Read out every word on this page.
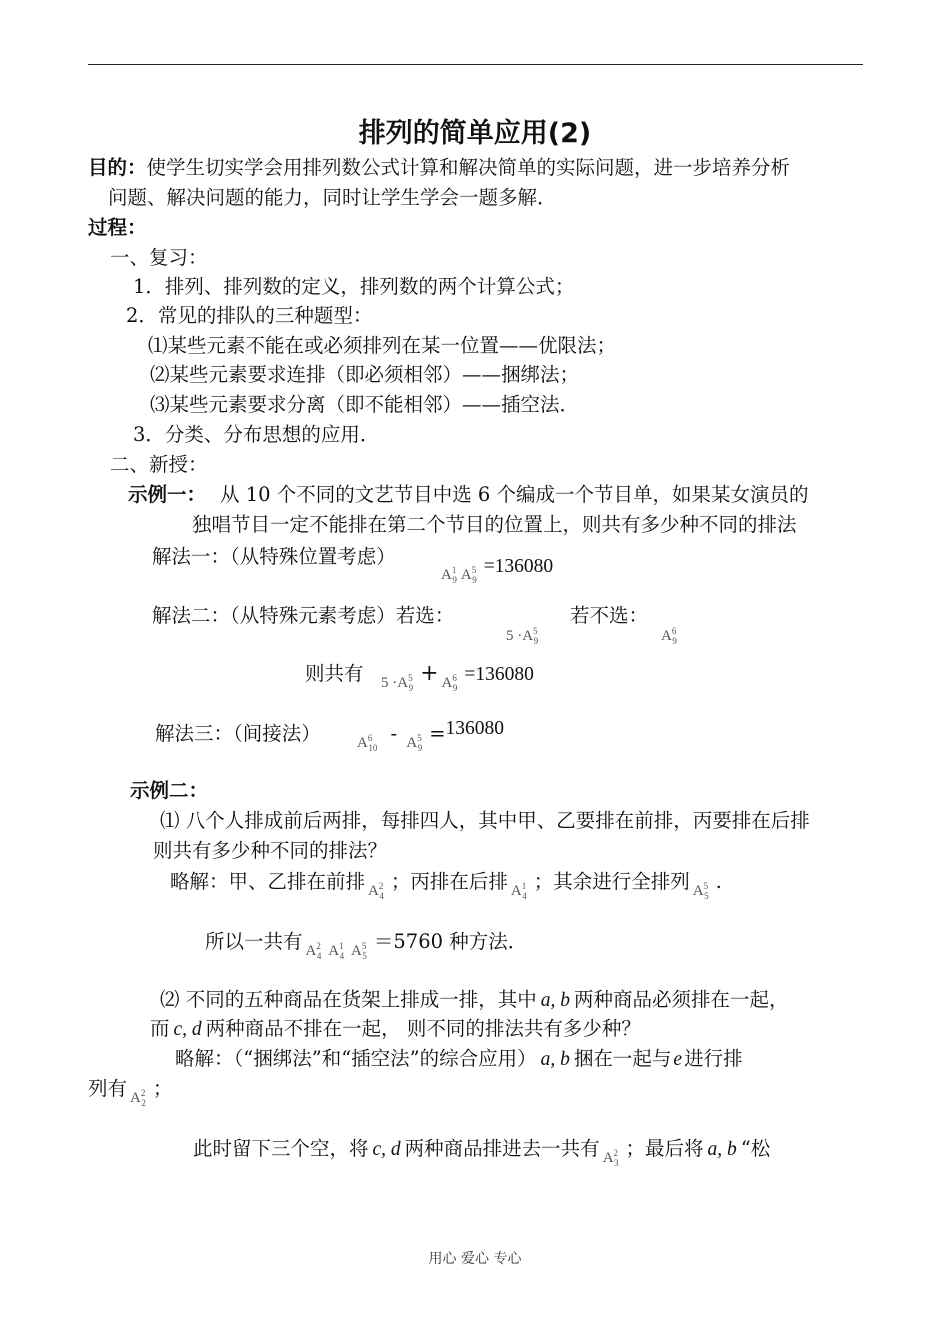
排列的简单应用(2)
目的：使学生切实学会用排列数公式计算和解决简单的实际问题，进一步培养分析
问题、解决问题的能力，同时让学生学会一题多解．
过程：
一、复习：
1．排列、排列数的定义，排列数的两个计算公式；
2．常见的排队的三种题型：
⑴某些元素不能在或必须排列在某一位置——优限法；
⑵某些元素要求连排（即必须相邻）——捆绑法；
⑶某些元素要求分离（即不能相邻）——插空法．
3．分类、分布思想的应用．
二、新授：
示例一： 从 10 个不同的文艺节目中选 6 个编成一个节目单，如果某女演员的
独唱节目一定不能排在第二个节目的位置上，则共有多少种不同的排法
解法一：（从特殊位置考虑）
$A^1_9$ $A^5_9=136080$
解法二：（从特殊元素考虑）若选：
$5 \cdot A^5_9$
若不选：
$A^6_9$
则共有 $5 \cdot A^5_9+ A^6_9=136080$
解法三：（间接法） $A^6_{10} - A^5_9=136080$
示例二：
⑴ 八个人排成前后两排，每排四人，其中甲、乙要排在前排，丙要排在后排
则共有多少种不同的排法？
略解：甲、乙排在前排 $A^2_4$；丙排在后排 $A^1_4$；其余进行全排列 $A^5_5$.
所以一共有 $A^2_4$ $A^1_4$ $A^5_5=5760$ 种方法．
⑵ 不同的五种商品在货架上排成一排，其中 a, b 两种商品必须排在一起，
而 c, d 两种商品不排在一起， 则不同的排法共有多少种？
略解：（“捆绑法”和“插空法”的综合应用） a, b 捆在一起与 e 进行排
列有 $A^2_2$；
此时留下三个空，将 c, d 两种商品排进去一共有 $A^2_3$；最后将 a, b “松
用心 爱心 专心
